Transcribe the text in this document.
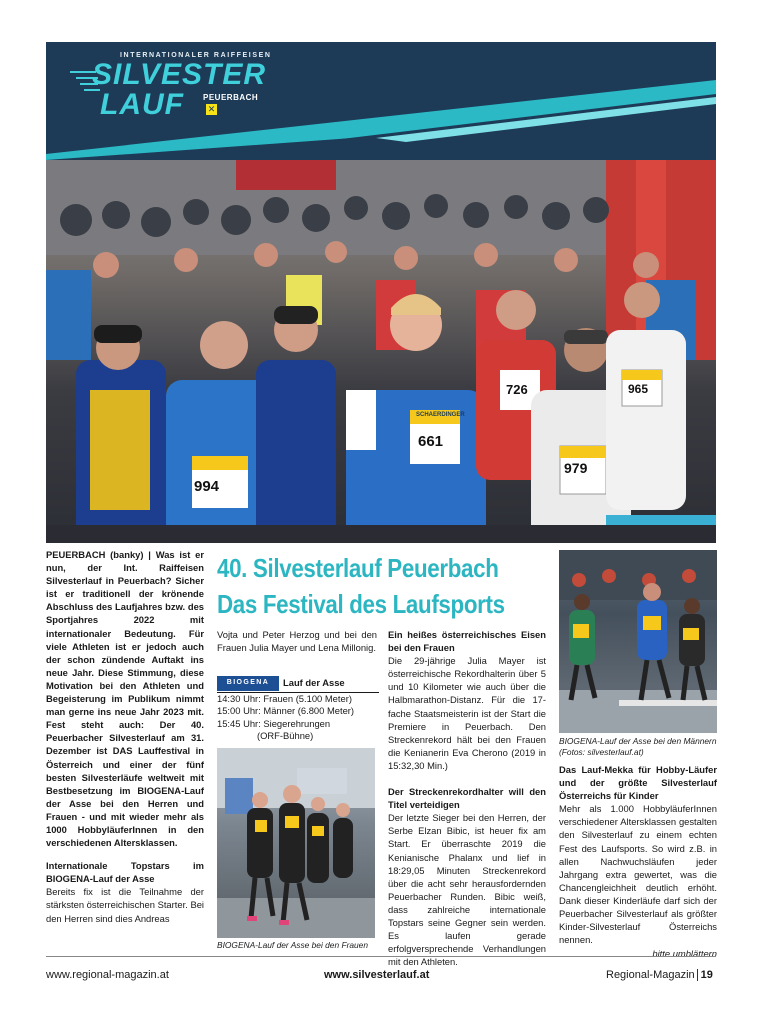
INTERNATIONALER RAIFFEISEN
SILVESTER
LAUF PEUERBACH
✕
994
661
726
979
965
SCHAERDINGER

PEUERBACH (banky) | Was ist er nun, der Int. Raiffeisen Silvesterlauf in Peuerbach? Sicher ist er traditionell der krönende Abschluss des Laufjahres bzw. des Sportjahres 2022 mit internationaler Bedeutung. Für viele Athleten ist er jedoch auch der schon zündende Auftakt ins neue Jahr. Diese Stimmung, diese Motivation bei den Athleten und Begeisterung im Publikum nimmt man gerne ins neue Jahr 2023 mit. Fest steht auch: Der 40. Peuerbacher Silvesterlauf am 31. Dezember ist DAS Lauffestival in Österreich und einer der fünf besten Silvesterläufe weltweit mit Bestbesetzung im BIOGENA-Lauf der Asse bei den Herren und Frauen - und mit wieder mehr als 1000 HobbyläuferInnen in den verschiedenen Altersklassen.

Internationale Topstars im BIOGENA-Lauf der Asse

Bereits fix ist die Teilnahme der stärksten österreichischen Starter. Bei den Herren sind dies Andreas

40. Silvesterlauf Peuerbach
Das Festival des Laufsports

Vojta und Peter Herzog und bei den Frauen Julia Mayer und Lena Millonig.

BIOGENA	Lauf der Asse
14:30 Uhr: Frauen (5.100 Meter)
15:00 Uhr: Männer (6.800 Meter)
15:45 Uhr: Siegerehrungen
(ORF-Bühne)
BIOGENA-Lauf der Asse bei den Frauen

Ein heißes österreichisches Eisen bei den Frauen

Die 29-jährige Julia Mayer ist österreichische Rekordhalterin über 5 und 10 Kilometer wie auch über die Halbmarathon-Distanz. Für die 17-fache Staatsmeisterin ist der Start die Premiere in Peuerbach. Den Streckenrekord hält bei den Frauen die Kenianerin Eva Cherono (2019 in 15:32,30 Min.)

Der Streckenrekordhalter will den Titel verteidigen

Der letzte Sieger bei den Herren, der Serbe Elzan Bibic, ist heuer fix am Start. Er überraschte 2019 die Kenianische Phalanx und lief in 18:29,05 Minuten Streckenrekord über die acht sehr herausfordernden Peuerbacher Runden. Bibic weiß, dass zahlreiche internationale Topstars seine Gegner sein werden. Es laufen gerade erfolgversprechende Verhandlungen mit den Athleten.

BIOGENA-Lauf der Asse bei den Männern (Fotos: silvesterlauf.at)

Das Lauf-Mekka für Hobby-Läufer und der größte Silvesterlauf Österreichs für Kinder

Mehr als 1.000 HobbyläuferInnen verschiedener Altersklassen gestalten den Silvesterlauf zu einem echten Fest des Laufsports. So wird z.B. in allen Nachwuchsläufen jeder Jahrgang extra gewertet, was die Chancengleichheit deutlich erhöht. Dank dieser Kinderläufe darf sich der Peuerbacher Silvesterlauf als größter Kinder-Silvesterlauf Österreichs nennen.

bitte umblättern
www.regional-magazin.at	www.silvesterlauf.at	Regional-Magazin 19
